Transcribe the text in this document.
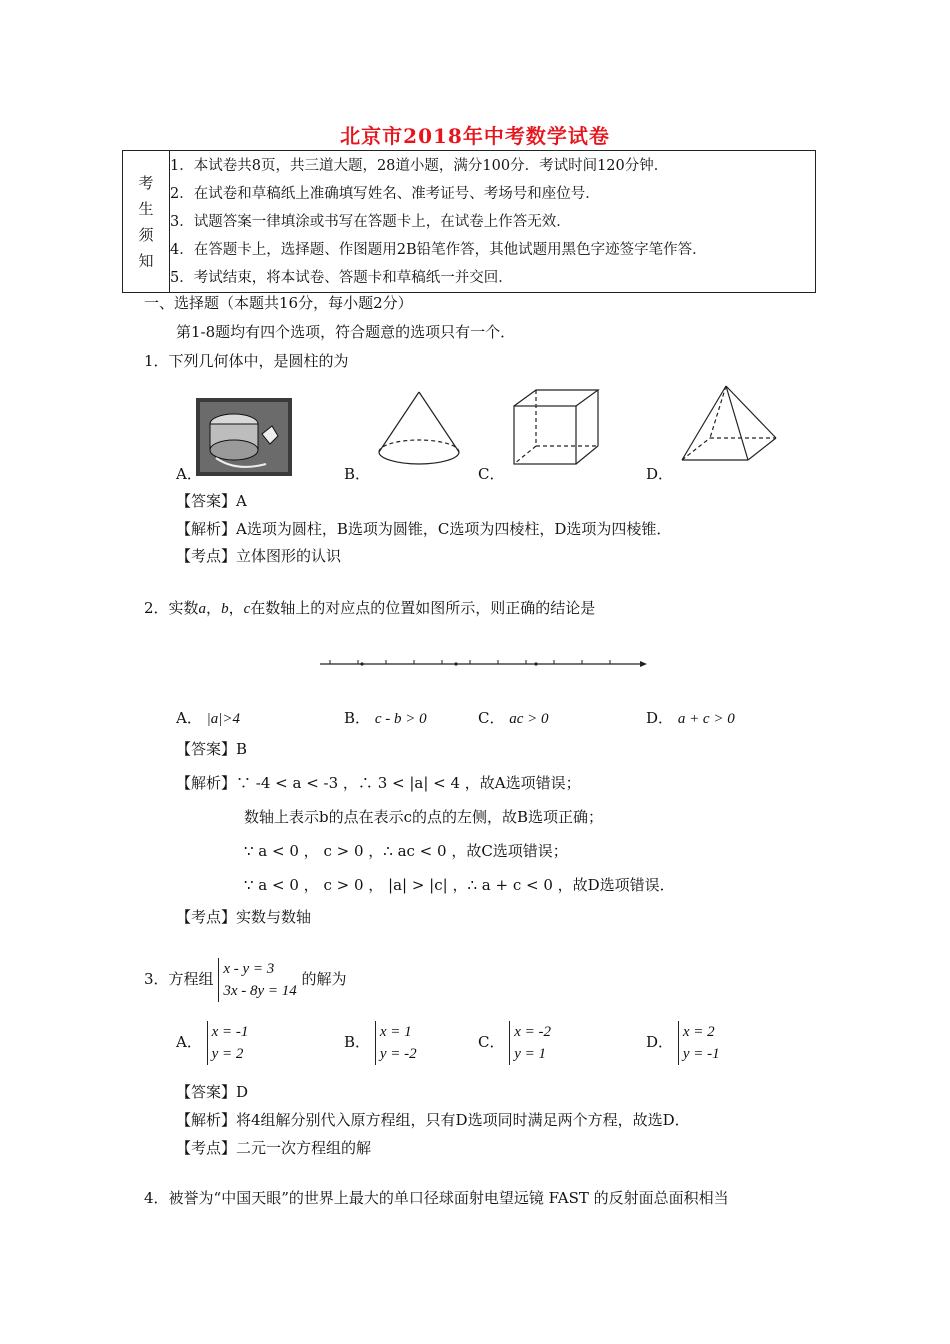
北京市2018年中考数学试卷
考
生
须
知

1．本试卷共8页，共三道大题，28道小题，满分100分．考试时间120分钟．
2．在试卷和草稿纸上准确填写姓名、准考证号、考场号和座位号．
3．试题答案一律填涂或书写在答题卡上，在试卷上作答无效．
4．在答题卡上，选择题、作图题用2B铅笔作答，其他试题用黑色字迹签字笔作答．
5．考试结束，将本试卷、答题卡和草稿纸一并交回．
一、选择题（本题共16分，每小题2分）
第1-8题均有四个选项，符合题意的选项只有一个．
1．下列几何体中，是圆柱的为
A．	B．	C．	D．
【答案】A
【解析】A选项为圆柱，B选项为圆锥，C选项为四棱柱，D选项为四棱锥．
【考点】立体图形的认识
2．实数a，b，c在数轴上的对应点的位置如图所示，则正确的结论是
A． |a|>4	B． c - b > 0	C． ac > 0	D． a + c > 0
【答案】B
【解析】∵ -4 < a < -3 ，∴ 3 < |a| < 4 ，故A选项错误；
数轴上表示b的点在表示c的点的左侧，故B选项正确；
∵ a < 0 ， c > 0 ，∴ ac < 0 ，故C选项错误；
∵ a < 0 ， c > 0 ， |a| > |c| ，∴ a + c < 0 ，故D选项错误．
【考点】实数与数轴
3．方程组
x - y = 3
3x - 8y = 14
的解为
A．
x = -1
y = 2
B．
x = 1
y = -2
C．
x = -2
y = 1
D．
x = 2
y = -1
【答案】D
【解析】将4组解分别代入原方程组，只有D选项同时满足两个方程，故选D．
【考点】二元一次方程组的解
4．被誉为“中国天眼”的世界上最大的单口径球面射电望远镜 FAST 的反射面总面积相当
